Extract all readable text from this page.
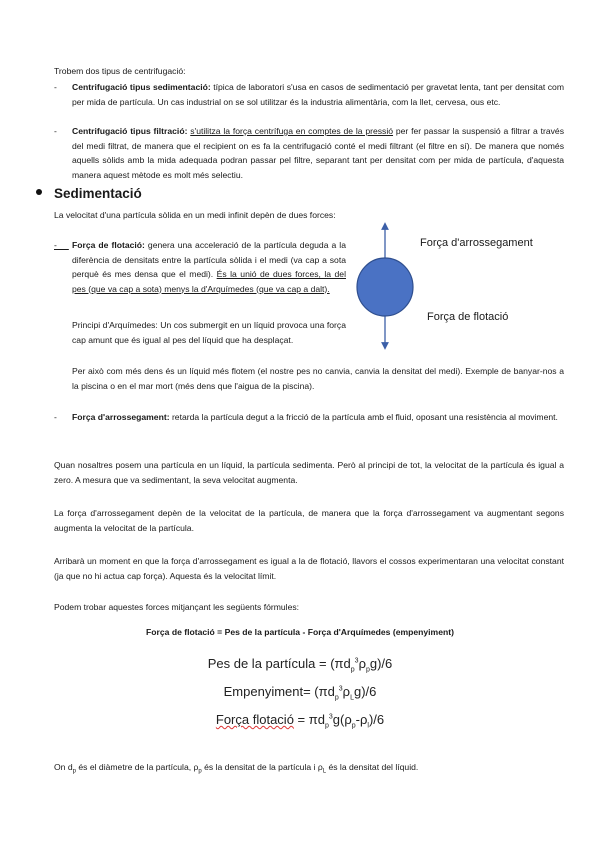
Trobem dos tipus de centrifugació:
- Centrifugació tipus sedimentació: típica de laboratori s'usa en casos de sedimentació per gravetat lenta, tant per densitat com per mida de partícula. Un cas industrial on se sol utilitzar és la industria alimentària, com la llet, cervesa, ous etc.
- Centrifugació tipus filtració: s'utilitza la força centrífuga en comptes de la pressió per fer passar la suspensió a filtrar a través del medi filtrat, de manera que el recipient on es fa la centrifugació conté el medi filtrant (el filtre en sí). De manera que només aquells sòlids amb la mida adequada podran passar pel filtre, separant tant per densitat com per mida de partícula, d'aquesta manera aquest mètode es molt més selectiu.
Sedimentació
La velocitat d'una partícula sòlida en un medi infinit depèn de dues forces:
- Força de flotació: genera una acceleració de la partícula deguda a la diferència de densitats entre la partícula sòlida i el medi (va cap a sota perquè és mes densa que el medi). És la unió de dues forces, la del pes (que va cap a sota) menys la d'Arquímedes (que va cap a dalt).
Principi d'Arquímedes: Un cos submergit en un líquid provoca una força cap amunt que és igual al pes del líquid que ha desplaçat.
Per això com més dens és un líquid més flotem (el nostre pes no canvia, canvia la densitat del medi). Exemple de banyar-nos a la piscina o en el mar mort (més dens que l'aigua de la piscina).
Força d'arrossegament
Força de flotació
- Força d'arrossegament: retarda la partícula degut a la fricció de la partícula amb el fluid, oposant una resistència al moviment.
Quan nosaltres posem una partícula en un líquid, la partícula sedimenta. Però al principi de tot, la velocitat de la partícula és igual a zero. A mesura que va sedimentant, la seva velocitat augmenta.
La força d'arrossegament depèn de la velocitat de la partícula, de manera que la força d'arrossegament va augmentant segons augmenta la velocitat de la partícula.
Arribarà un moment en que la força d'arrossegament es igual a la de flotació, llavors el cossos experimentaran una velocitat constant (ja que no hi actua cap força). Aquesta és la velocitat límit.
Podem trobar aquestes forces mitjançant les següents fórmules:
Força de flotació = Pes de la partícula - Força d'Arquímedes (empenyiment)
Pes de la partícula = $(\pi d_p^3\rho_pg)/6$
Empenyiment= $(\pi d_p^3\rho_Lg)/6$
Força flotació = $\pi d_p^3g(\rho_p-\rho_l)/6$
On $d_p$ és el diàmetre de la partícula, $\rho_p$ és la densitat de la partícula i $\rho_L$ és la densitat del líquid.
